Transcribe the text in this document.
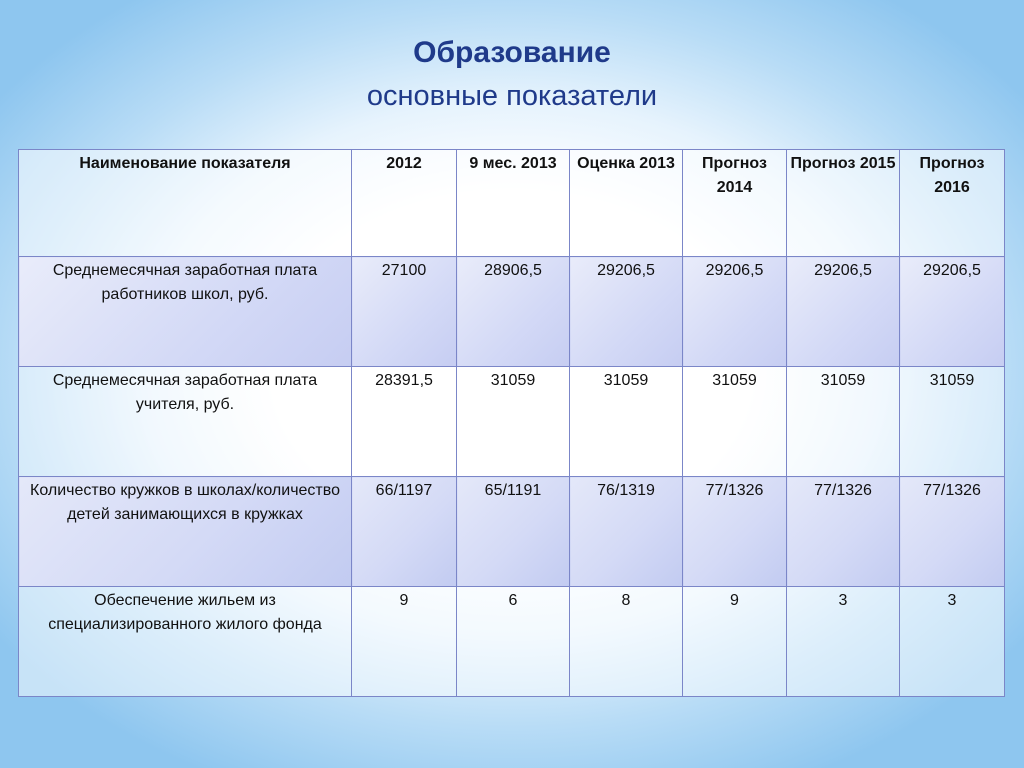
Образование
основные показатели
Наименование показателя	2012	9 мес. 2013	Оценка 2013	Прогноз 2014	Прогноз 2015	Прогноз 2016
Среднемесячная заработная плата работников школ, руб.	27100	28906,5	29206,5	29206,5	29206,5	29206,5
Среднемесячная заработная плата учителя, руб.	28391,5	31059	31059	31059	31059	31059
Количество кружков в школах/количество детей занимающихся в кружках	66/1197	65/1191	76/1319	77/1326	77/1326	77/1326
Обеспечение жильем из специализированного жилого фонда	9	6	8	9	3	3
